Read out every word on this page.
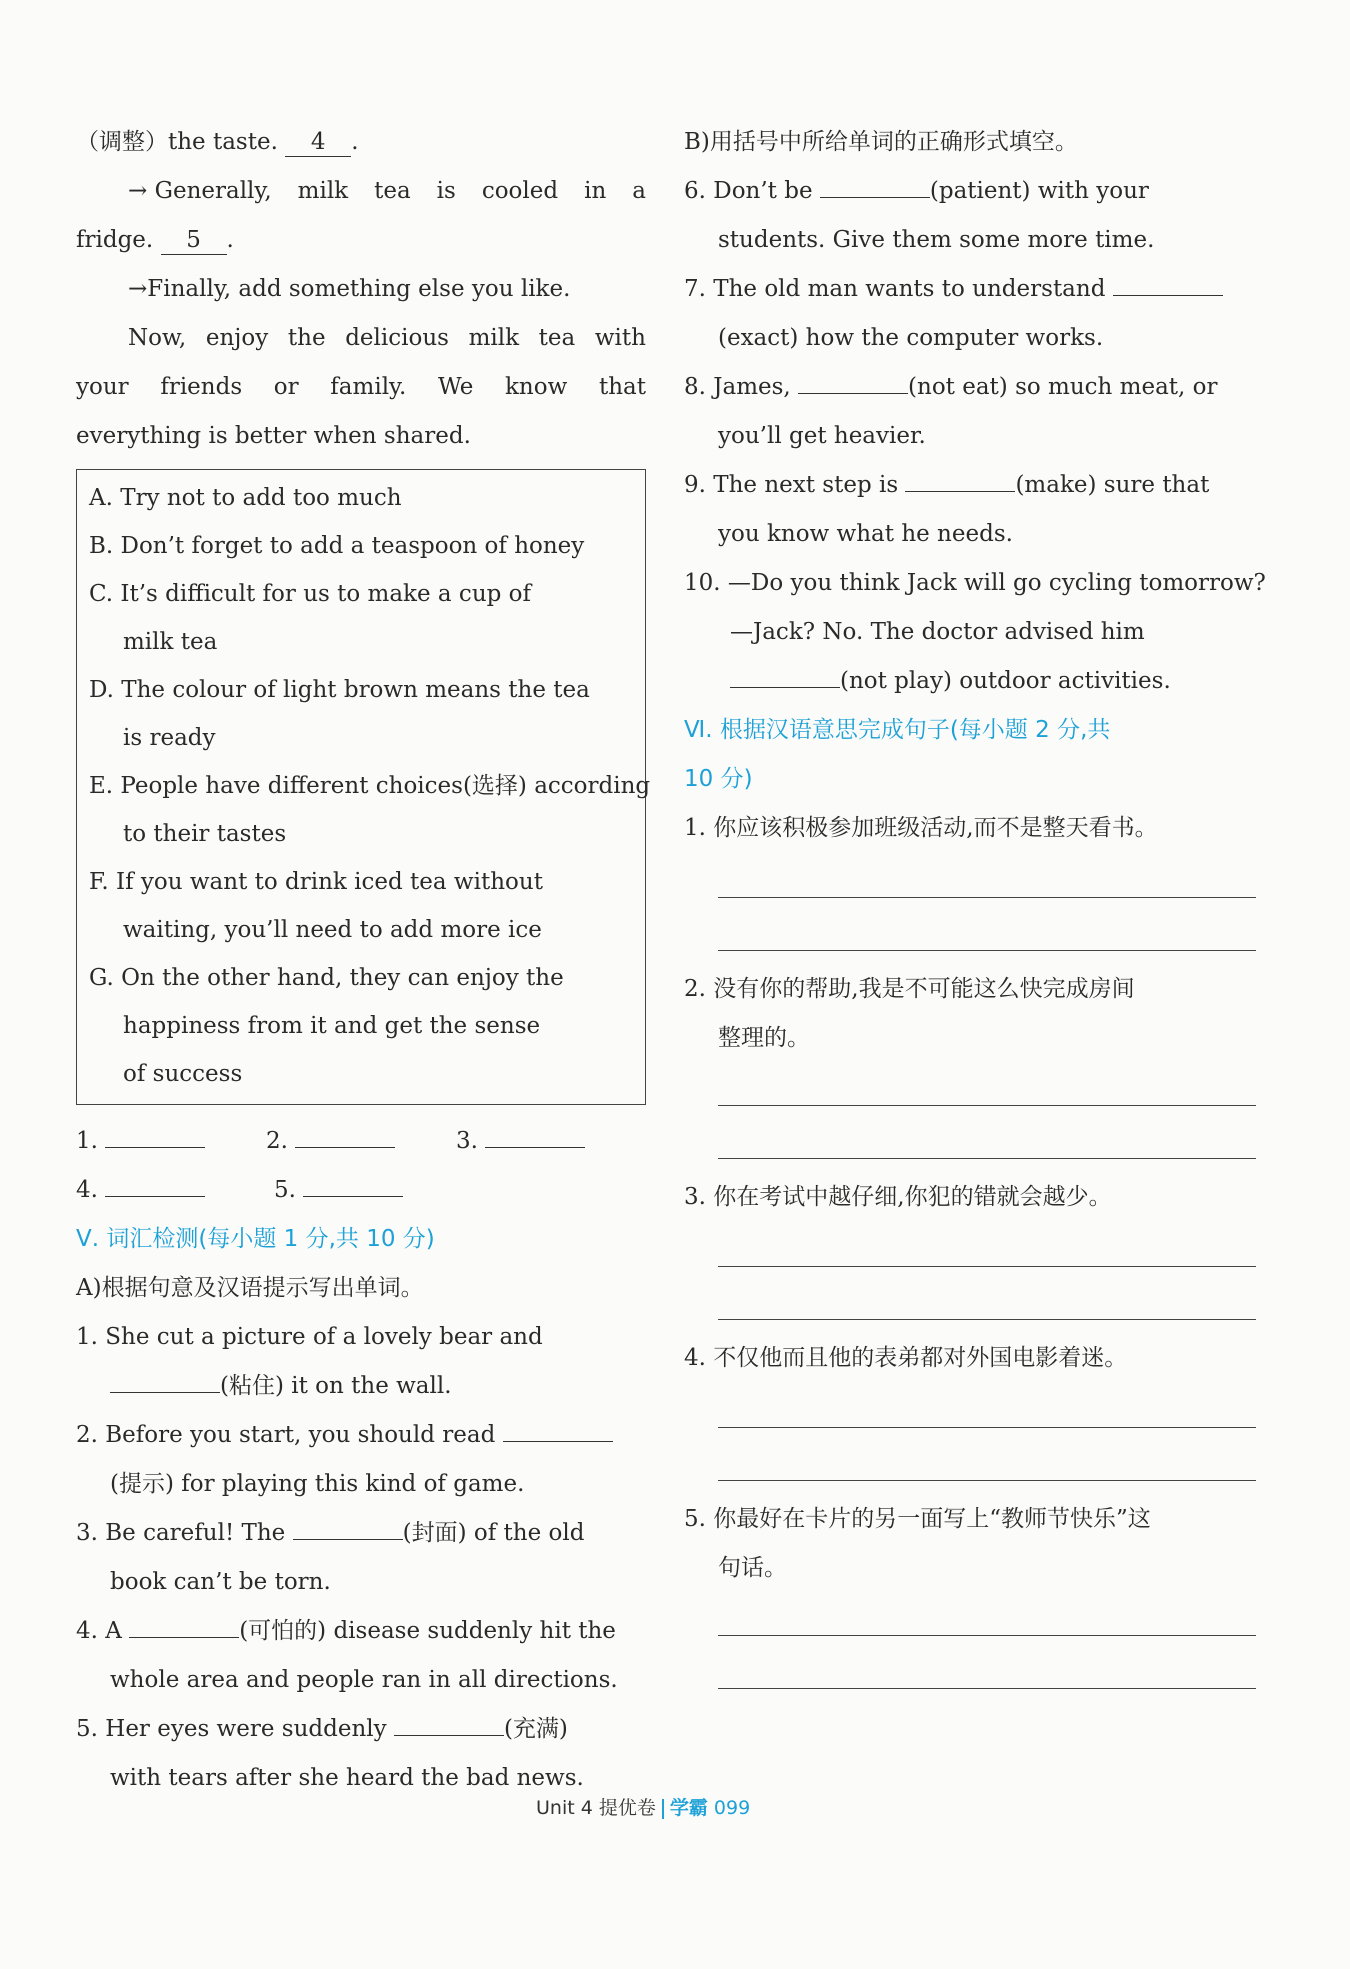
（调整）the taste. 4 .
→ Generally, milk tea is cooled in a
fridge. 5 .
→Finally, add something else you like.
Now, enjoy the delicious milk tea with
your friends or family. We know that
everything is better when shared.
A. Try not to add too much
B. Don’t forget to add a teaspoon of honey
C. It’s difficult for us to make a cup of
milk tea
D. The colour of light brown means the tea
is ready
E. People have different choices(选择) according
to their tastes
F. If you want to drink iced tea without
waiting, you’ll need to add more ice
G. On the other hand, they can enjoy the
happiness from it and get the sense
of success
1.	2.	3.
4.	5.
Ⅴ. 词汇检测(每小题 1 分,共 10 分)
A)根据句意及汉语提示写出单词。
1. She cut a picture of a lovely bear and
(粘住) it on the wall.
2. Before you start, you should read
(提示) for playing this kind of game.
3. Be careful! The	(封面) of the old
book can’t be torn.
4. A	(可怕的) disease suddenly hit the
whole area and people ran in all directions.
5. Her eyes were suddenly	(充满)
with tears after she heard the bad news.
B)用括号中所给单词的正确形式填空。
6. Don’t be	(patient) with your
students. Give them some more time.
7. The old man wants to understand
(exact) how the computer works.
8. James,	(not eat) so much meat, or
you’ll get heavier.
9. The next step is	(make) sure that
you know what he needs.
10. —Do you think Jack will go cycling tomorrow?
—Jack? No. The doctor advised him
(not play) outdoor activities.
Ⅵ. 根据汉语意思完成句子(每小题 2 分,共
10 分)
1. 你应该积极参加班级活动,而不是整天看书。
2. 没有你的帮助,我是不可能这么快完成房间
整理的。
3. 你在考试中越仔细,你犯的错就会越少。
4. 不仅他而且他的表弟都对外国电影着迷。
5. 你最好在卡片的另一面写上“教师节快乐”这
句话。
Unit 4 提优卷 学霸 099
